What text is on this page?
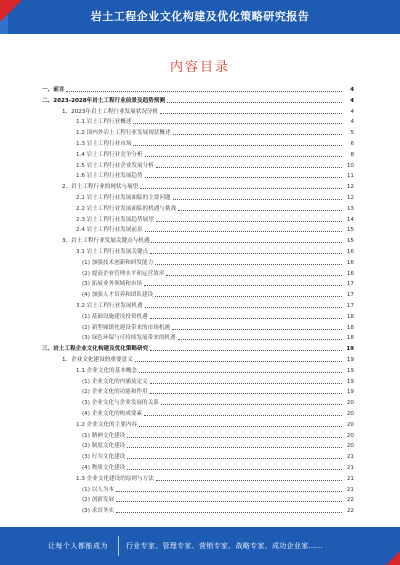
岩土工程企业文化构建及优化策略研究报告
内容目录
一、前言	4
二、2023-2028年岩土工程行业前景及趋势预测	4
1、2023年岩土工程行业发展状况分析	4
1.1 岩土工程行业概述	4
1.2 国内外岩土工程行业发展现状概述	5
1.3 岩土工程行业市场	6
1.4 岩土工程行业竞争分析	8
1.5 岩土工程行业企业发展分析	10
1.6 岩土工程行业发展趋势	11
2、岩土工程行业的现状与展望	12
2.1 岩土工程行业发展面临的主要问题	12
2.2 岩土工程行业发展面临的机遇与挑战	13
2.3 岩土工程行业发展趋势展望	14
2.4 岩土工程行业发展前景	15
3、岩土工程行业发展关键点与机遇	15
3.1 岩土工程行业发展关键点	16
(1) 加强技术创新和研发能力	16
(2) 提高企业管理水平和运营效率	16
(3) 拓展业务领域和市场	17
(4) 加强人才培养和团队建设	17
3.2 岩土工程行业发展机遇	17
(1) 基础设施建设投资机遇	18
(2) 新型城镇化建设带来的市场机遇	18
(3) 绿色环保与可持续发展带来的机遇	18
三、岩土工程企业文化构建及优化策略研究	19
1、企业文化建设的重要意义	19
1.1 企业文化的基本概念	19
(1) 企业文化的内涵及定义	19
(2) 企业文化的功能和作用	19
(3) 企业文化与企业发展的关系	20
(4) 企业文化的构成要素	20
1.2 企业文化的主要内容	20
(1) 精神文化建设	20
(2) 制度文化建设	20
(3) 行为文化建设	21
(4) 物质文化建设	21
1.3 企业文化建设的原则与方法	21
(1) 以人为本	21
(2) 创新发展	22
(3) 求真务实	22
让每个人都能成为	行业专家、管理专家、营销专家、战略专家、成功企业家……
